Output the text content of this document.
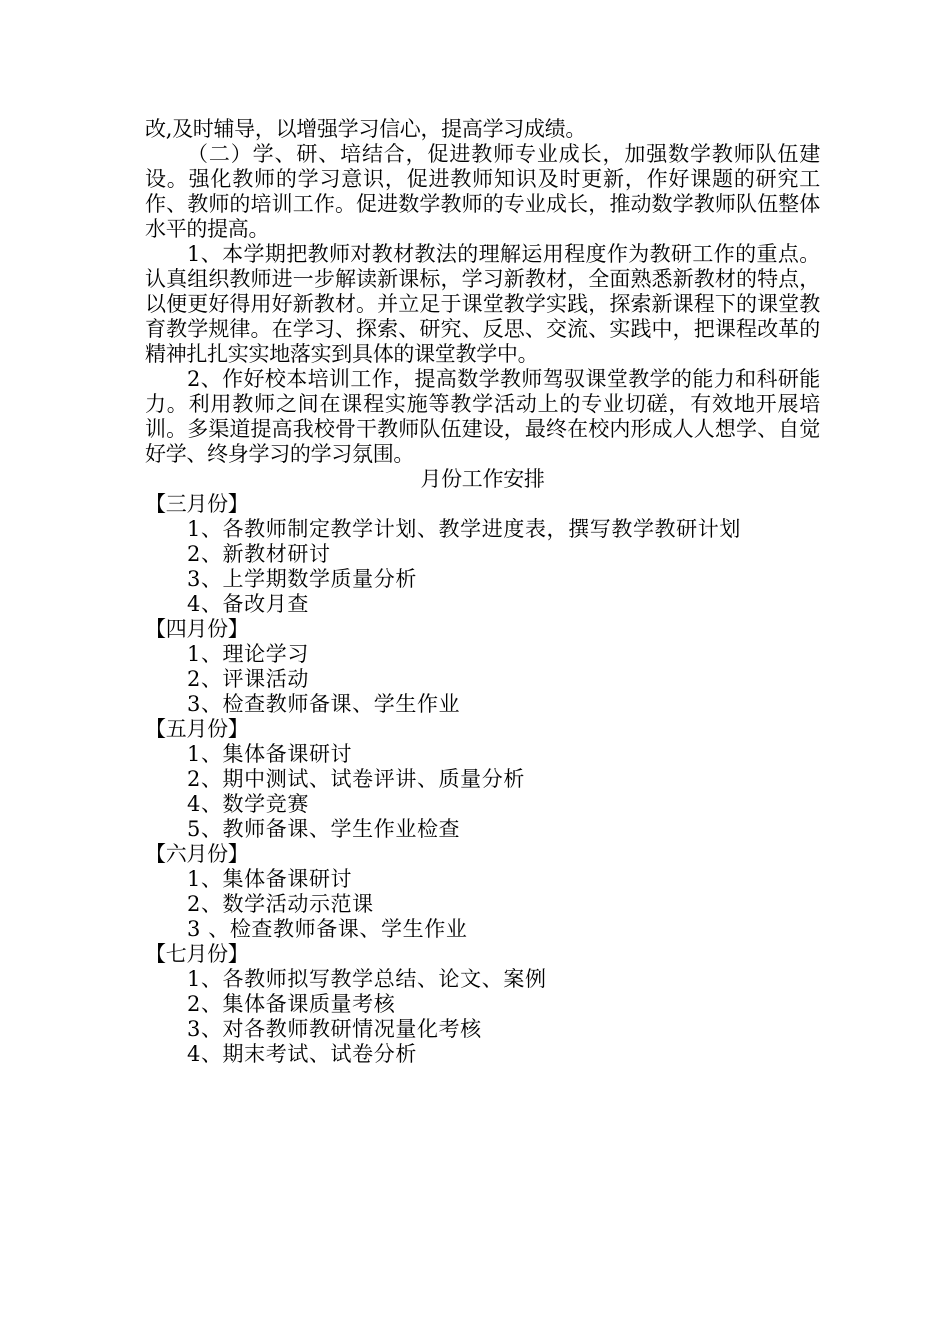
改,及时辅导，以增强学习信心，提高学习成绩。

（二）学、研、培结合，促进教师专业成长，加强数学教师队伍建设。强化教师的学习意识，促进教师知识及时更新，作好课题的研究工作、教师的培训工作。促进数学教师的专业成长，推动数学教师队伍整体水平的提高。

1、本学期把教师对教材教法的理解运用程度作为教研工作的重点。认真组织教师进一步解读新课标，学习新教材，全面熟悉新教材的特点，以便更好得用好新教材。并立足于课堂教学实践，探索新课程下的课堂教育教学规律。在学习、探索、研究、反思、交流、实践中，把课程改革的精神扎扎实实地落实到具体的课堂教学中。

2、作好校本培训工作，提高数学教师驾驭课堂教学的能力和科研能力。利用教师之间在课程实施等教学活动上的专业切磋，有效地开展培训。多渠道提高我校骨干教师队伍建设，最终在校内形成人人想学、自觉好学、终身学习的学习氛围。

月份工作安排

【三月份】

1、各教师制定教学计划、教学进度表，撰写教学教研计划

2、新教材研讨

3、上学期数学质量分析

4、备改月查

【四月份】

1、理论学习

2、评课活动

3、检查教师备课、学生作业

【五月份】

1、集体备课研讨

2、期中测试、试卷评讲、质量分析

4、数学竞赛

5、教师备课、学生作业检查

【六月份】

1、集体备课研讨

2、数学活动示范课

3 、检查教师备课、学生作业

【七月份】

1、各教师拟写教学总结、论文、案例

2、集体备课质量考核

3、对各教师教研情况量化考核

4、期末考试、试卷分析
